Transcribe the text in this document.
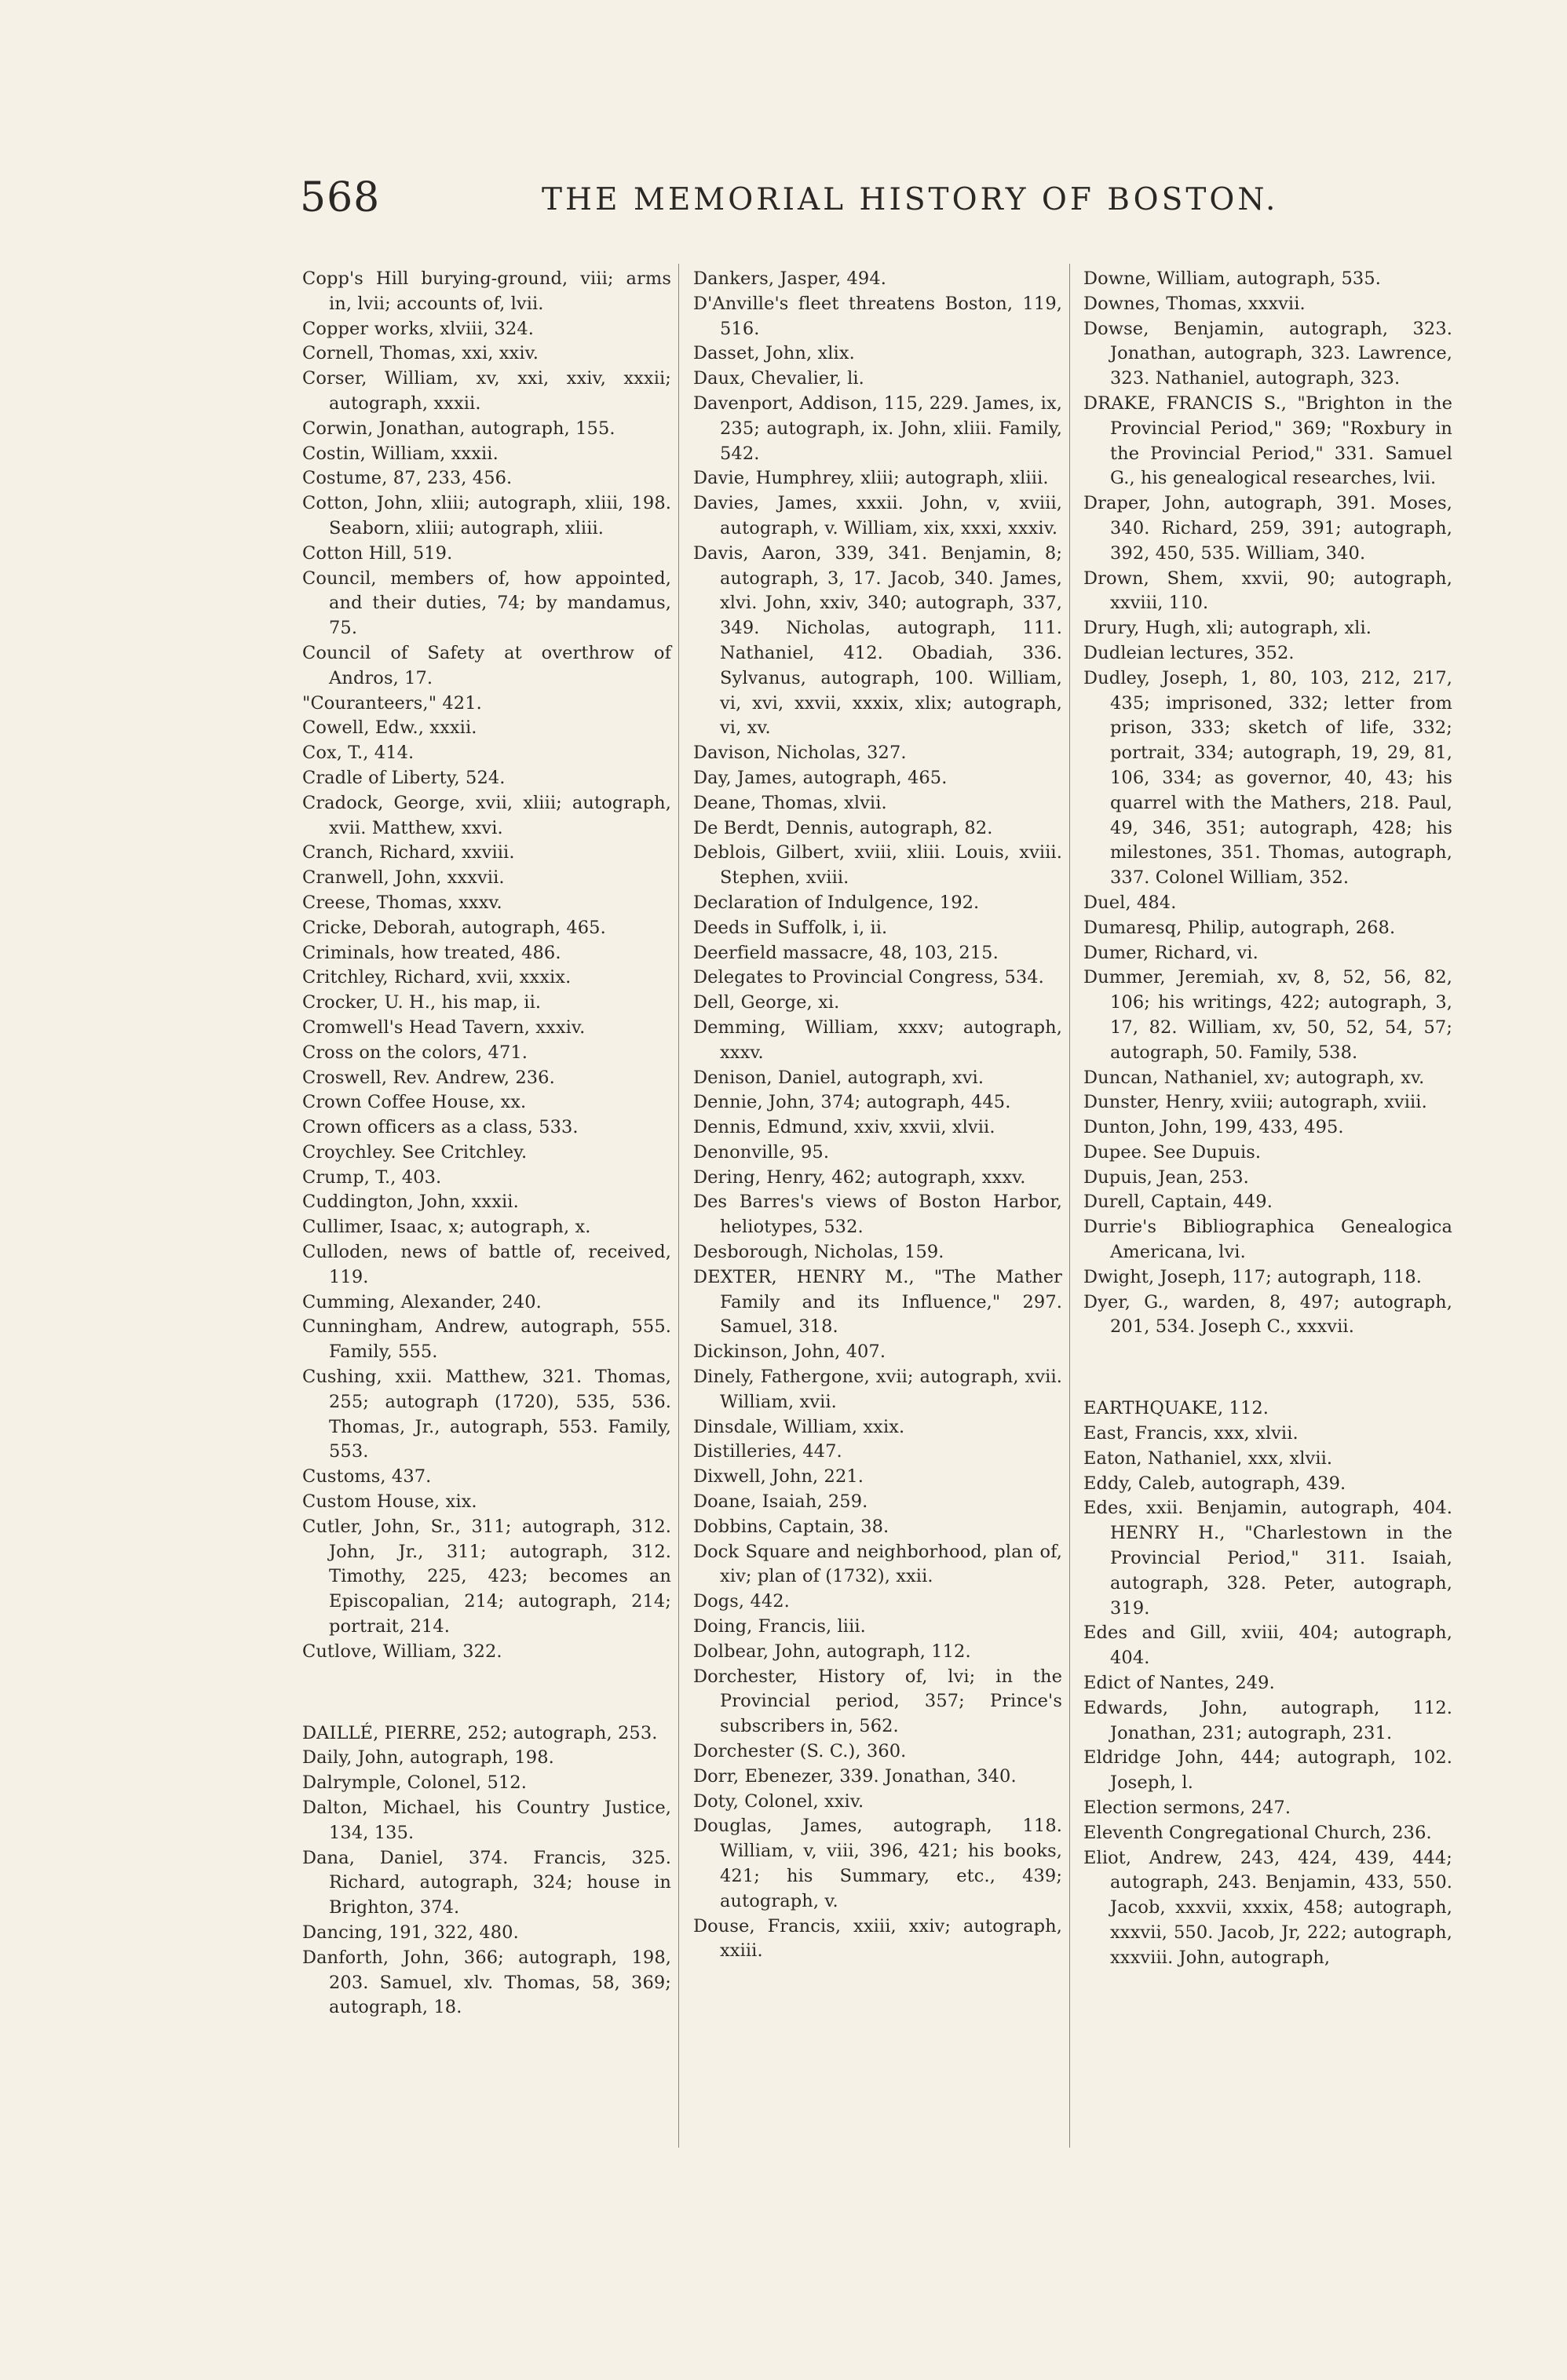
568	THE MEMORIAL HISTORY OF BOSTON.

Copp's Hill burying-ground, viii; arms in, lvii; accounts of, lvii.

Copper works, xlviii, 324.

Cornell, Thomas, xxi, xxiv.

Corser, William, xv, xxi, xxiv, xxxii; autograph, xxxii.

Corwin, Jonathan, autograph, 155.

Costin, William, xxxii.

Costume, 87, 233, 456.

Cotton, John, xliii; autograph, xliii, 198. Seaborn, xliii; autograph, xliii.

Cotton Hill, 519.

Council, members of, how appointed, and their duties, 74; by mandamus, 75.

Council of Safety at overthrow of Andros, 17.

"Couranteers," 421.

Cowell, Edw., xxxii.

Cox, T., 414.

Cradle of Liberty, 524.

Cradock, George, xvii, xliii; autograph, xvii. Matthew, xxvi.

Cranch, Richard, xxviii.

Cranwell, John, xxxvii.

Creese, Thomas, xxxv.

Cricke, Deborah, autograph, 465.

Criminals, how treated, 486.

Critchley, Richard, xvii, xxxix.

Crocker, U. H., his map, ii.

Cromwell's Head Tavern, xxxiv.

Cross on the colors, 471.

Croswell, Rev. Andrew, 236.

Crown Coffee House, xx.

Crown officers as a class, 533.

Croychley. See Critchley.

Crump, T., 403.

Cuddington, John, xxxii.

Cullimer, Isaac, x; autograph, x.

Culloden, news of battle of, received, 119.

Cumming, Alexander, 240.

Cunningham, Andrew, autograph, 555. Family, 555.

Cushing, xxii. Matthew, 321. Thomas, 255; autograph (1720), 535, 536. Thomas, Jr., autograph, 553. Family, 553.

Customs, 437.

Custom House, xix.

Cutler, John, Sr., 311; autograph, 312. John, Jr., 311; autograph, 312. Timothy, 225, 423; becomes an Episcopalian, 214; autograph, 214; portrait, 214.

Cutlove, William, 322.

DAILLÉ, PIERRE, 252; autograph, 253.

Daily, John, autograph, 198.

Dalrymple, Colonel, 512.

Dalton, Michael, his Country Justice, 134, 135.

Dana, Daniel, 374. Francis, 325. Richard, autograph, 324; house in Brighton, 374.

Dancing, 191, 322, 480.

Danforth, John, 366; autograph, 198, 203. Samuel, xlv. Thomas, 58, 369; autograph, 18.

Dankers, Jasper, 494.

D'Anville's fleet threatens Boston, 119, 516.

Dasset, John, xlix.

Daux, Chevalier, li.

Davenport, Addison, 115, 229. James, ix, 235; autograph, ix. John, xliii. Family, 542.

Davie, Humphrey, xliii; autograph, xliii.

Davies, James, xxxii. John, v, xviii, autograph, v. William, xix, xxxi, xxxiv.

Davis, Aaron, 339, 341. Benjamin, 8; autograph, 3, 17. Jacob, 340. James, xlvi. John, xxiv, 340; autograph, 337, 349. Nicholas, autograph, 111. Nathaniel, 412. Obadiah, 336. Sylvanus, autograph, 100. William, vi, xvi, xxvii, xxxix, xlix; autograph, vi, xv.

Davison, Nicholas, 327.

Day, James, autograph, 465.

Deane, Thomas, xlvii.

De Berdt, Dennis, autograph, 82.

Deblois, Gilbert, xviii, xliii. Louis, xviii. Stephen, xviii.

Declaration of Indulgence, 192.

Deeds in Suffolk, i, ii.

Deerfield massacre, 48, 103, 215.

Delegates to Provincial Congress, 534.

Dell, George, xi.

Demming, William, xxxv; autograph, xxxv.

Denison, Daniel, autograph, xvi.

Dennie, John, 374; autograph, 445.

Dennis, Edmund, xxiv, xxvii, xlvii.

Denonville, 95.

Dering, Henry, 462; autograph, xxxv.

Des Barres's views of Boston Harbor, heliotypes, 532.

Desborough, Nicholas, 159.

DEXTER, HENRY M., "The Mather Family and its Influence," 297. Samuel, 318.

Dickinson, John, 407.

Dinely, Fathergone, xvii; autograph, xvii. William, xvii.

Dinsdale, William, xxix.

Distilleries, 447.

Dixwell, John, 221.

Doane, Isaiah, 259.

Dobbins, Captain, 38.

Dock Square and neighborhood, plan of, xiv; plan of (1732), xxii.

Dogs, 442.

Doing, Francis, liii.

Dolbear, John, autograph, 112.

Dorchester, History of, lvi; in the Provincial period, 357; Prince's subscribers in, 562.

Dorchester (S. C.), 360.

Dorr, Ebenezer, 339. Jonathan, 340.

Doty, Colonel, xxiv.

Douglas, James, autograph, 118. William, v, viii, 396, 421; his books, 421; his Summary, etc., 439; autograph, v.

Douse, Francis, xxiii, xxiv; autograph, xxiii.

Downe, William, autograph, 535.

Downes, Thomas, xxxvii.

Dowse, Benjamin, autograph, 323. Jonathan, autograph, 323. Lawrence, 323. Nathaniel, autograph, 323.

DRAKE, FRANCIS S., "Brighton in the Provincial Period," 369; "Roxbury in the Provincial Period," 331. Samuel G., his genealogical researches, lvii.

Draper, John, autograph, 391. Moses, 340. Richard, 259, 391; autograph, 392, 450, 535. William, 340.

Drown, Shem, xxvii, 90; autograph, xxviii, 110.

Drury, Hugh, xli; autograph, xli.

Dudleian lectures, 352.

Dudley, Joseph, 1, 80, 103, 212, 217, 435; imprisoned, 332; letter from prison, 333; sketch of life, 332; portrait, 334; autograph, 19, 29, 81, 106, 334; as governor, 40, 43; his quarrel with the Mathers, 218. Paul, 49, 346, 351; autograph, 428; his milestones, 351. Thomas, autograph, 337. Colonel William, 352.

Duel, 484.

Dumaresq, Philip, autograph, 268.

Dumer, Richard, vi.

Dummer, Jeremiah, xv, 8, 52, 56, 82, 106; his writings, 422; autograph, 3, 17, 82. William, xv, 50, 52, 54, 57; autograph, 50. Family, 538.

Duncan, Nathaniel, xv; autograph, xv.

Dunster, Henry, xviii; autograph, xviii.

Dunton, John, 199, 433, 495.

Dupee. See Dupuis.

Dupuis, Jean, 253.

Durell, Captain, 449.

Durrie's Bibliographica Genealogica Americana, lvi.

Dwight, Joseph, 117; autograph, 118.

Dyer, G., warden, 8, 497; autograph, 201, 534. Joseph C., xxxvii.

EARTHQUAKE, 112.

East, Francis, xxx, xlvii.

Eaton, Nathaniel, xxx, xlvii.

Eddy, Caleb, autograph, 439.

Edes, xxii. Benjamin, autograph, 404. HENRY H., "Charlestown in the Provincial Period," 311. Isaiah, autograph, 328. Peter, autograph, 319.

Edes and Gill, xviii, 404; autograph, 404.

Edict of Nantes, 249.

Edwards, John, autograph, 112. Jonathan, 231; autograph, 231.

Eldridge John, 444; autograph, 102. Joseph, l.

Election sermons, 247.

Eleventh Congregational Church, 236.

Eliot, Andrew, 243, 424, 439, 444; autograph, 243. Benjamin, 433, 550. Jacob, xxxvii, xxxix, 458; autograph, xxxvii, 550. Jacob, Jr, 222; autograph, xxxviii. John, autograph,
